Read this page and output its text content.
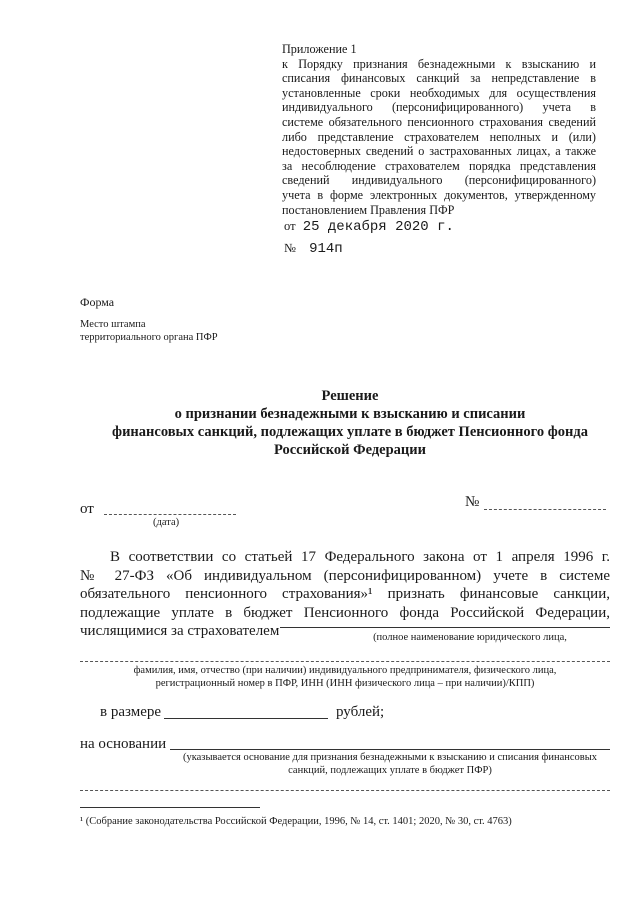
Приложение 1
к Порядку признания безнадежными к взысканию и
списания финансовых санкций за непредставление в
установленные сроки необходимых для осуществления
индивидуального (персонифицированного) учета в
системе обязательного пенсионного страхования сведений
либо представление страхователем неполных и (или)
недостоверных сведений о застрахованных лицах, а также
за несоблюдение страхователем порядка представления
сведений индивидуального (персонифицированного)
учета в форме электронных документов, утвержденному
постановлением Правления ПФР
от 25 декабря 2020 г.
№ 914п
Форма
Место штампа
территориального органа ПФР
Решение
о признании безнадежными к взысканию и списании
финансовых санкций, подлежащих уплате в бюджет Пенсионного фонда
Российской Федерации
от
(дата)
№
В соответствии со статьей 17 Федерального закона от 1 апреля 1996 г.
№ 27-ФЗ «Об индивидуальном (персонифицированном) учете в системе
обязательного пенсионного страхования»¹ признать финансовые санкции,
подлежащие уплате в бюджет Пенсионного фонда Российской Федерации,
числящимися за страхователем	(полное наименование юридического лица,
фамилия, имя, отчество (при наличии) индивидуального предпринимателя, физического лица,
регистрационный номер в ПФР, ИНН (ИНН физического лица – при наличии)/КПП)
в размере	рублей;
на основании
(указывается основание для признания безнадежными к взысканию и списания финансовых
санкций, подлежащих уплате в бюджет ПФР)
¹ (Собрание законодательства Российской Федерации, 1996, № 14, ст. 1401; 2020, № 30, ст. 4763)
